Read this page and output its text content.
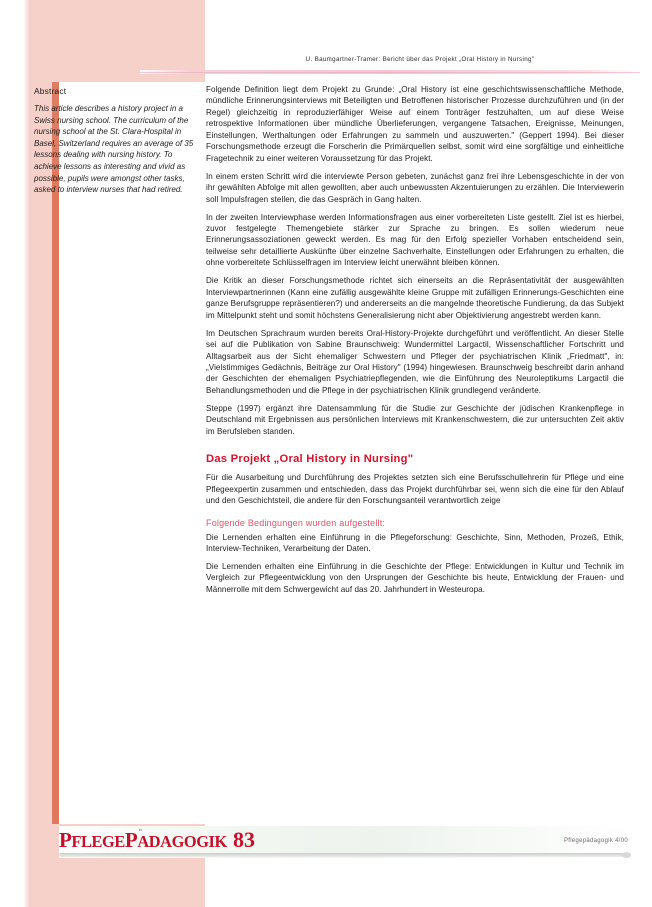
U. Baumgartner-Tramer: Bericht über das Projekt „Oral History in Nursing"
Abstract
This article describes a history project in a Swiss nursing school. The curriculum of the nursing school at the St. Clara-Hospital in Basel, Switzerland requires an average of 35 lessons dealing with nursing history. To achieve lessons as interesting and vivid as possible, pupils were amongst other tasks, asked to interview nurses that had retired.

Folgende Definition liegt dem Projekt zu Grunde: „Oral History ist eine geschichtswissenschaftliche Methode, mündliche Erinnerungsinterviews mit Beteiligten und Betroffenen historischer Prozesse durchzuführen und (in der Regel) gleichzeitig in reproduzierfähiger Weise auf einem Tonträger festzuhalten, um auf diese Weise retrospektive Informationen über mündliche Überlieferungen, vergangene Tatsachen, Ereignisse, Meinungen, Einstellungen, Werthaltungen oder Erfahrungen zu sammeln und auszuwerten." (Geppert 1994). Bei dieser Forschungsmethode erzeugt die Forscherin die Primärquellen selbst, somit wird eine sorgfältige und einheitliche Fragetechnik zu einer weiteren Voraussetzung für das Projekt.

In einem ersten Schritt wird die interviewte Person gebeten, zunächst ganz frei ihre Lebensgeschichte in der von ihr gewählten Abfolge mit allen gewollten, aber auch unbewussten Akzentuierungen zu erzählen. Die Interviewerin soll Impulsfragen stellen, die das Gespräch in Gang halten.

In der zweiten Interviewphase werden Informationsfragen aus einer vorbereiteten Liste gestellt. Ziel ist es hierbei, zuvor festgelegte Themengebiete stärker zur Sprache zu bringen. Es sollen wiederum neue Erinnerungsassoziationen geweckt werden. Es mag für den Erfolg spezieller Vorhaben entscheidend sein, teilweise sehr detaillierte Auskünfte über einzelne Sachverhalte, Einstellungen oder Erfahrungen zu erhalten, die ohne vorbereitete Schlüsselfragen im Interview leicht unerwähnt bleiben können.

Die Kritik an dieser Forschungsmethode richtet sich einerseits an die Repräsentativität der ausgewählten Interviewpartnerinnen (Kann eine zufällig ausgewählte kleine Gruppe mit zufälligen Erinnerungs-Geschichten eine ganze Berufsgruppe repräsentieren?) und andererseits an die mangelnde theoretische Fundierung, da das Subjekt im Mittelpunkt steht und somit höchstens Generalisierung nicht aber Objektivierung angestrebt werden kann.

Im Deutschen Sprachraum wurden bereits Oral-History-Projekte durchgeführt und veröffentlicht. An dieser Stelle sei auf die Publikation von Sabine Braunschweig: Wundermittel Largactil, Wissenschaftlicher Fortschritt und Alltagsarbeit aus der Sicht ehemaliger Schwestern und Pfleger der psychiatrischen Klinik „Friedmatt", in: „Vielstimmiges Gedächnis, Beiträge zur Oral History" (1994) hingewiesen. Braunschweig beschreibt darin anhand der Geschichten der ehemaligen Psychiatriepflegenden, wie die Einführung des Neuroleptikums Largactil die Behandlungsmethoden und die Pflege in der psychiatrischen Klinik grundlegend veränderte.

Steppe (1997) ergänzt ihre Datensammlung für die Studie zur Geschichte der jüdischen Krankenpflege in Deutschland mit Ergebnissen aus persönlichen Interviews mit Krankenschwestern, die zur untersuchten Zeit aktiv im Berufsleben standen.

Das Projekt „Oral History in Nursing"

Für die Ausarbeitung und Durchführung des Projektes setzten sich eine Berufsschullehrerin für Pflege und eine Pflegeexpertin zusammen und entschieden, dass das Projekt durchführbar sei, wenn sich die eine für den Ablauf und den Geschichtsteil, die andere für den Forschungsanteil verantwortlich zeige

Folgende Bedingungen wurden aufgestellt:

Die Lernenden erhalten eine Einführung in die Pflegeforschung: Geschichte, Sinn, Methoden, Prozeß, Ethik, Interview-Techniken, Verarbeitung der Daten.

Die Lernenden erhalten eine Einführung in die Geschichte der Pflege: Entwicklungen in Kultur und Technik im Vergleich zur Pflegeentwicklung von den Ursprungen der Geschichte bis heute, Entwicklung der Frauen- und Männerrolle mit dem Schwergewicht auf das 20. Jahrhundert in Westeuropa.

PFLEGEPADAGOGIK ¨ 83	Pflegepädagogik 4/00
